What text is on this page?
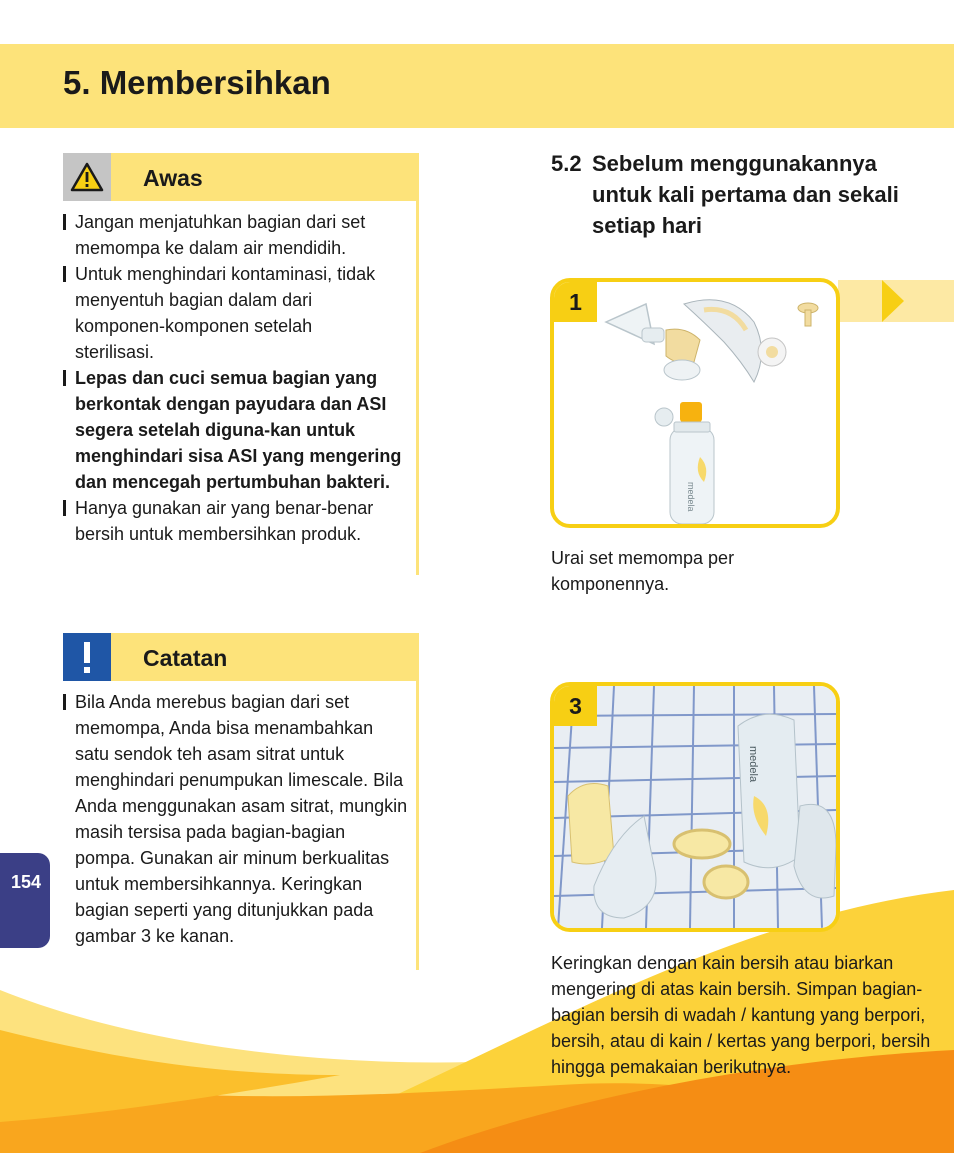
5. Membersihkan
Awas
Jangan menjatuhkan bagian dari set memompa ke dalam air mendidih.
Untuk menghindari kontaminasi, tidak menyentuh bagian dalam dari komponen-komponen setelah sterilisasi.
Lepas dan cuci semua bagian yang berkontak dengan payudara dan ASI segera setelah diguna-kan untuk menghindari sisa ASI yang mengering dan mencegah pertumbuhan bakteri.
Hanya gunakan air yang benar-benar bersih untuk membersihkan produk.
Catatan
Bila Anda merebus bagian dari set memompa, Anda bisa menambahkan satu sendok teh asam sitrat untuk menghindari penumpukan limescale. Bila Anda menggunakan asam sitrat, mungkin masih tersisa pada bagian-bagian pompa. Gunakan air minum berkualitas untuk membersihkannya. Keringkan bagian seperti yang ditunjukkan pada gambar 3 ke kanan.
154
5.2 Sebelum menggunakannya untuk kali pertama dan sekali setiap hari
1
medela

Urai set memompa per komponennya.

medela
3

Keringkan dengan kain bersih atau biarkan mengering di atas kain bersih. Simpan bagian-bagian bersih di wadah / kantung yang berpori, bersih, atau di kain / kertas yang berpori, bersih hingga pemakaian berikutnya.
